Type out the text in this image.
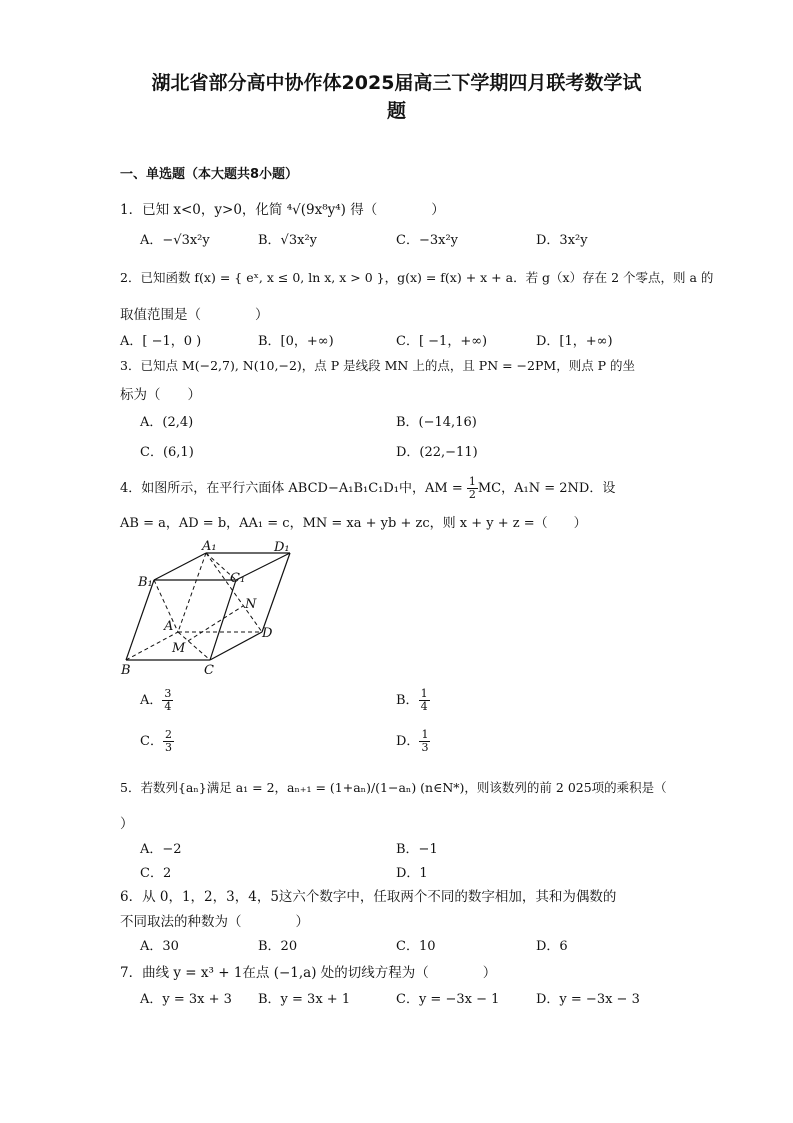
湖北省部分高中协作体2025届高三下学期四月联考数学试
题
一、单选题（本大题共8小题）
1．已知 x<0，y>0，化简 ⁴√(9x⁸y⁴) 得（　　　　）
A．−√3x²y	B．√3x²y	C．−3x²y	D．3x²y
2．已知函数 f(x) = { eˣ, x ≤ 0, ln x, x > 0 }，g(x) = f(x) + x + a．若 g（x）存在 2 个零点，则 a 的
取值范围是（　　　　）
A．[ −1，0 )	B．[0，+∞)	C．[ −1，+∞)	D．[1，+∞)
3．已知点 M(−2,7), N(10,−2)，点 P 是线段 MN 上的点，且 PN = −2PM，则点 P 的坐
标为（　　）
A．(2,4)	B．(−14,16)
C．(6,1)	D．(22,−11)
4．如图所示，在平行六面体 ABCD−A₁B₁C₁D₁中，AM = $\frac{1}{2}$ MC，A₁N = 2ND．设
AB = a，AD = b，AA₁ = c，MN = xa + yb + zc，则 x + y + z =（　　）
A₁	D₁
B₁	C₁
N
A	D
M
B	C
A． $\frac{3}{4}$	B． $\frac{1}{4}$
C． $\frac{2}{3}$	D． $\frac{1}{3}$
5．若数列{aₙ}满足 a₁ = 2，aₙ₊₁ = (1+aₙ)/(1−aₙ) (n∈N*)，则该数列的前 2 025项的乘积是（
）
A．−2	B．−1
C．2	D．1
6．从 0，1，2，3，4，5这六个数字中，任取两个不同的数字相加，其和为偶数的
不同取法的种数为（　　　　）
A．30	B．20	C．10	D．6
7．曲线 y = x³ + 1在点 (−1,a) 处的切线方程为（　　　　）
A．y = 3x + 3 B．y = 3x + 1	C．y = −3x − 1	D．y = −3x − 3
